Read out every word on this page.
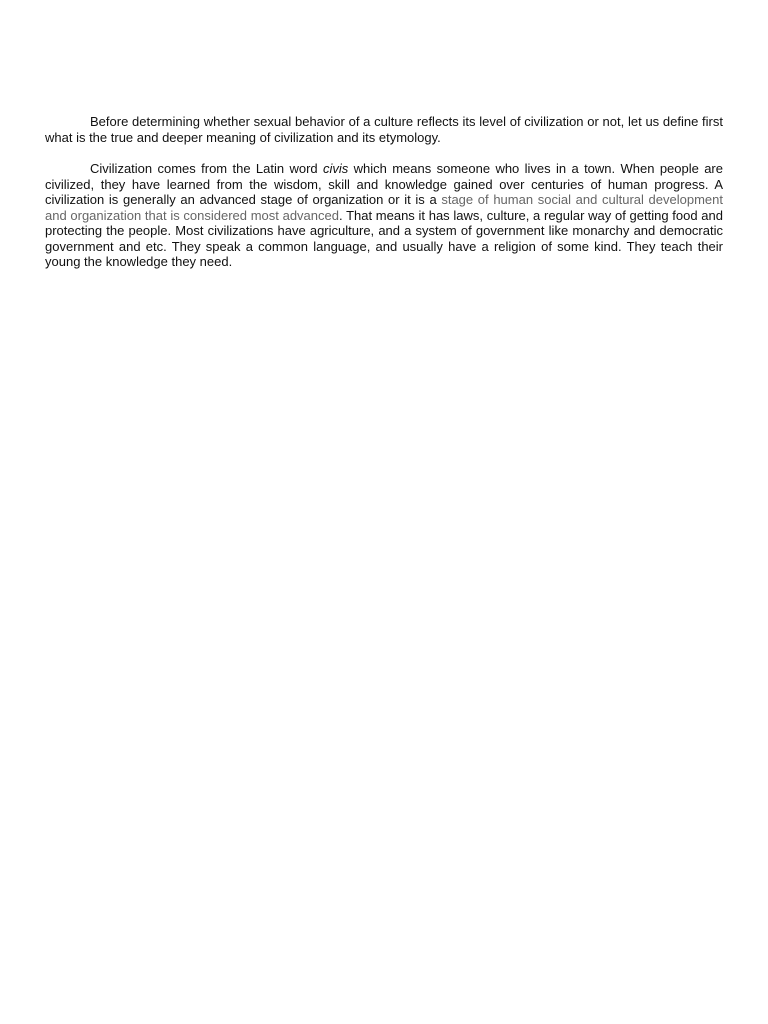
Before determining whether sexual behavior of a culture reflects its level of civilization or not, let us define first what is the true and deeper meaning of civilization and its etymology.

Civilization comes from the Latin word civis which means someone who lives in a town. When people are civilized, they have learned from the wisdom, skill and knowledge gained over centuries of human progress. A civilization is generally an advanced stage of organization or it is a stage of human social and cultural development and organization that is considered most advanced. That means it has laws, culture, a regular way of getting food and protecting the people. Most civilizations have agriculture, and a system of government like monarchy and democratic government and etc. They speak a common language, and usually have a religion of some kind. They teach their young the knowledge they need.
